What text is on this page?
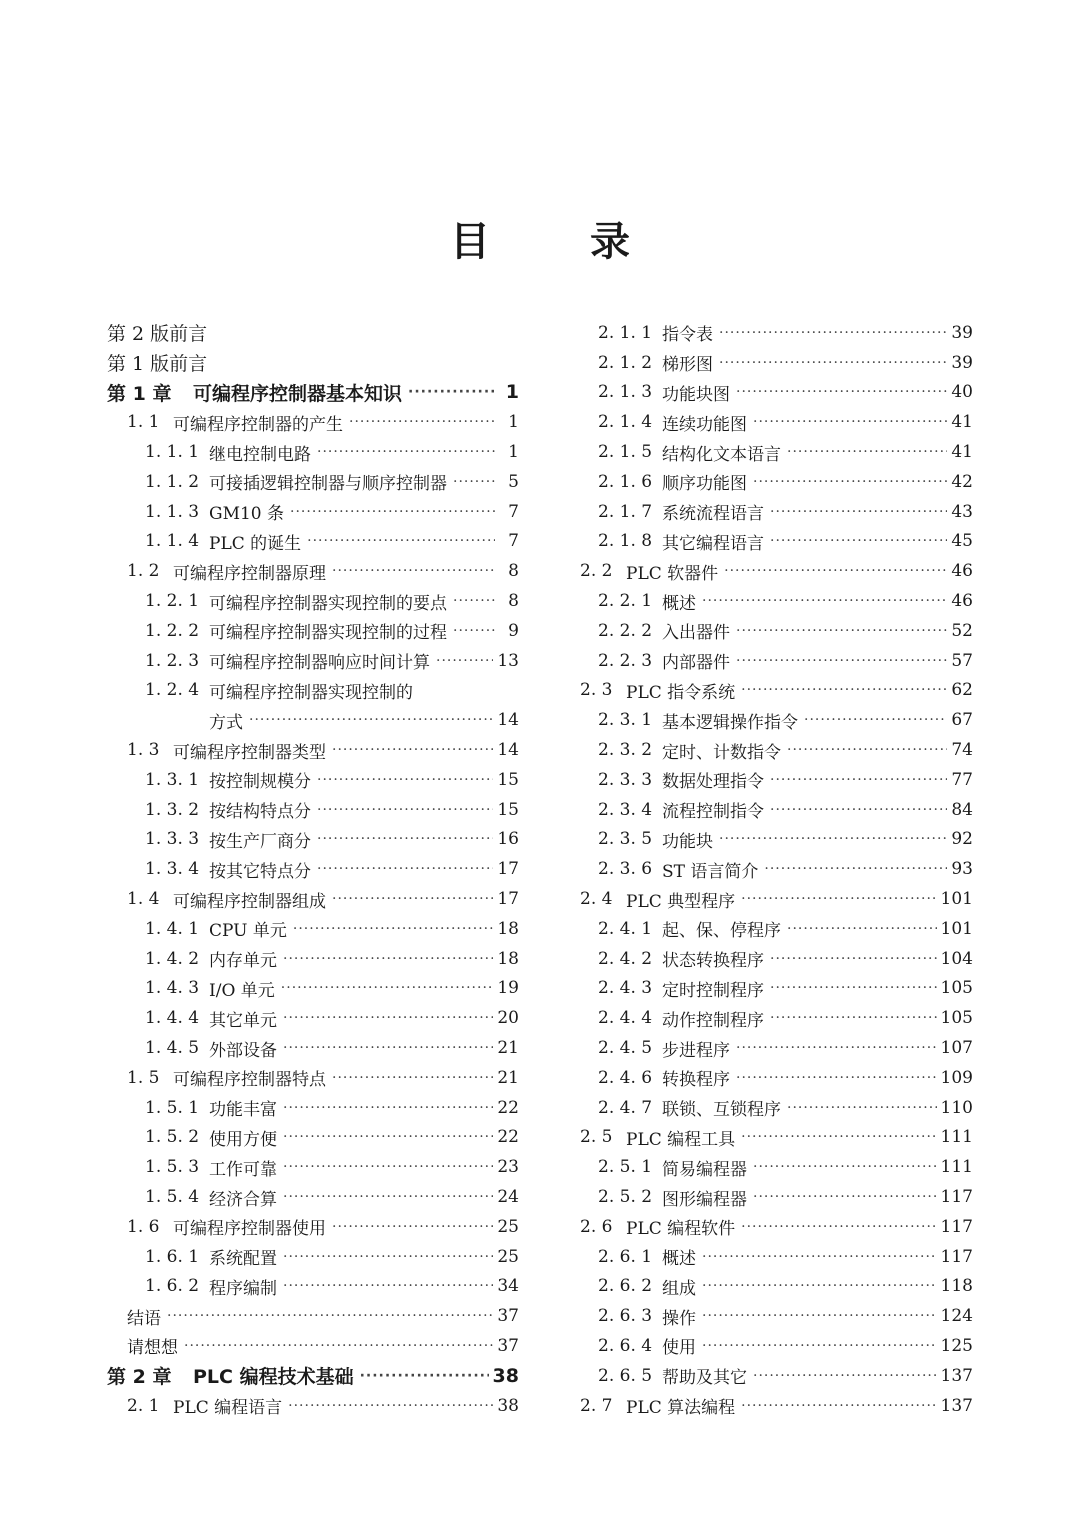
目	录
第 2 版前言
第 1 版前言
第 1 章	可编程序控制器基本知识 ·····	1
1. 1 可编程序控制器的产生 ·····	1
1. 1. 1 继电控制电路 ·····	1
1. 1. 2 可接插逻辑控制器与顺序控制器 ·····	5
1. 1. 3 GM10 条 ·····	7
1. 1. 4 PLC 的诞生 ·····	7
1. 2 可编程序控制器原理 ·····	8
1. 2. 1 可编程序控制器实现控制的要点 ·····	8
1. 2. 2 可编程序控制器实现控制的过程 ·····	9
1. 2. 3 可编程序控制器响应时间计算 ·····	13
1. 2. 4 可编程序控制器实现控制的
方式 ·····	14
1. 3 可编程序控制器类型 ·····	14
1. 3. 1 按控制规模分 ·····	15
1. 3. 2 按结构特点分 ·····	15
1. 3. 3 按生产厂商分 ·····	16
1. 3. 4 按其它特点分 ·····	17
1. 4 可编程序控制器组成 ·····	17
1. 4. 1 CPU 单元 ·····	18
1. 4. 2 内存单元 ·····	18
1. 4. 3 I/O 单元 ·····	19
1. 4. 4 其它单元 ·····	20
1. 4. 5 外部设备 ·····	21
1. 5 可编程序控制器特点 ·····	21
1. 5. 1 功能丰富 ·····	22
1. 5. 2 使用方便 ·····	22
1. 5. 3 工作可靠 ·····	23
1. 5. 4 经济合算 ·····	24
1. 6 可编程序控制器使用 ·····	25
1. 6. 1 系统配置 ·····	25
1. 6. 2 程序编制 ·····	34
结语 ·····	37
请想想 ·····	37
第 2 章	PLC 编程技术基础 ·····	38
2. 1 PLC 编程语言 ·····	38
2. 1. 1 指令表 ·····	39
2. 1. 2 梯形图 ·····	39
2. 1. 3 功能块图 ·····	40
2. 1. 4 连续功能图 ·····	41
2. 1. 5 结构化文本语言 ·····	41
2. 1. 6 顺序功能图 ·····	42
2. 1. 7 系统流程语言 ·····	43
2. 1. 8 其它编程语言 ·····	45
2. 2 PLC 软器件 ·····	46
2. 2. 1 概述 ·····	46
2. 2. 2 入出器件 ·····	52
2. 2. 3 内部器件 ·····	57
2. 3 PLC 指令系统 ·····	62
2. 3. 1 基本逻辑操作指令 ·····	67
2. 3. 2 定时、计数指令 ·····	74
2. 3. 3 数据处理指令 ·····	77
2. 3. 4 流程控制指令 ·····	84
2. 3. 5 功能块 ·····	92
2. 3. 6 ST 语言简介 ·····	93
2. 4 PLC 典型程序 ·····	101
2. 4. 1 起、保、停程序 ·····	101
2. 4. 2 状态转换程序 ·····	104
2. 4. 3 定时控制程序 ·····	105
2. 4. 4 动作控制程序 ·····	105
2. 4. 5 步进程序 ·····	107
2. 4. 6 转换程序 ·····	109
2. 4. 7 联锁、互锁程序 ·····	110
2. 5 PLC 编程工具 ·····	111
2. 5. 1 简易编程器 ·····	111
2. 5. 2 图形编程器 ·····	117
2. 6 PLC 编程软件 ·····	117
2. 6. 1 概述 ·····	117
2. 6. 2 组成 ·····	118
2. 6. 3 操作 ·····	124
2. 6. 4 使用 ·····	125
2. 6. 5 帮助及其它 ·····	137
2. 7 PLC 算法编程 ·····	137
